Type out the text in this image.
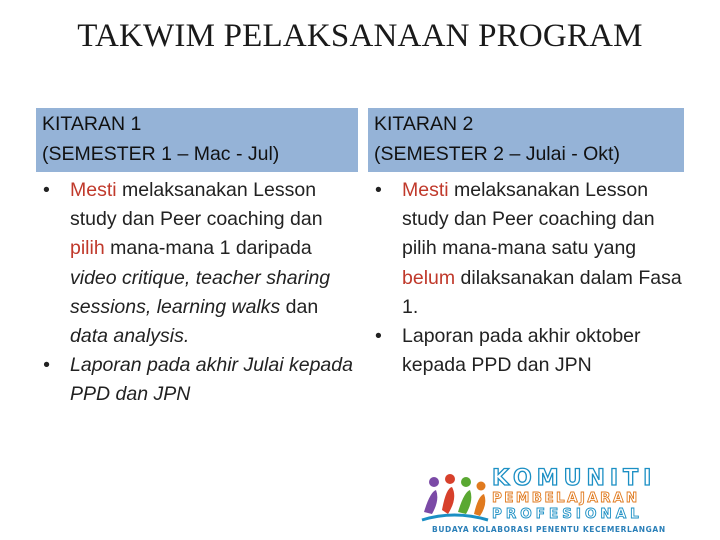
TAKWIM PELAKSANAAN PROGRAM
KITARAN 1
(SEMESTER 1 – Mac - Jul)

• Mesti melaksanakan Lesson study dan Peer coaching dan pilih mana-mana 1 daripada video critique, teacher sharing sessions, learning walks dan data analysis.

• Laporan pada akhir Julai kepada PPD dan JPN

KITARAN 2
(SEMESTER 2 – Julai - Okt)

• Mesti melaksanakan Lesson study dan Peer coaching dan pilih mana-mana satu yang belum dilaksanakan dalam Fasa 1.

• Laporan pada akhir oktober kepada PPD dan JPN

KOMUNITI
PEMBELAJARAN
PROFESIONAL
BUDAYA KOLABORASI PENENTU KECEMERLANGAN
